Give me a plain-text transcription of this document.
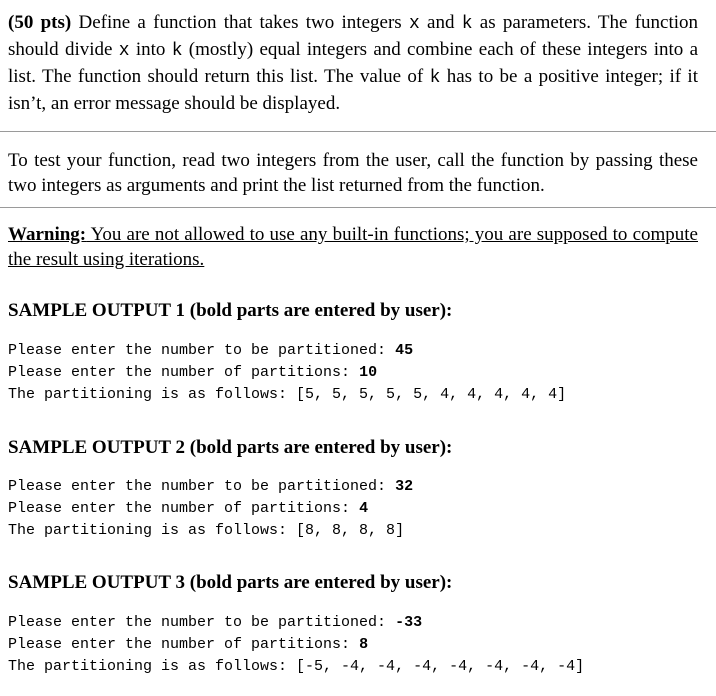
(50 pts) Define a function that takes two integers x and k as parameters. The function should divide x into k (mostly) equal integers and combine each of these integers into a list. The function should return this list. The value of k has to be a positive integer; if it isn’t, an error message should be displayed.

To test your function, read two integers from the user, call the function by passing these two integers as arguments and print the list returned from the function.

Warning: You are not allowed to use any built-in functions; you are supposed to compute the result using iterations.

SAMPLE OUTPUT 1 (bold parts are entered by user):

Please enter the number to be partitioned: 45
Please enter the number of partitions: 10
The partitioning is as follows: [5, 5, 5, 5, 5, 4, 4, 4, 4, 4]

SAMPLE OUTPUT 2 (bold parts are entered by user):

Please enter the number to be partitioned: 32
Please enter the number of partitions: 4
The partitioning is as follows: [8, 8, 8, 8]

SAMPLE OUTPUT 3 (bold parts are entered by user):

Please enter the number to be partitioned: -33
Please enter the number of partitions: 8
The partitioning is as follows: [-5, -4, -4, -4, -4, -4, -4, -4]
